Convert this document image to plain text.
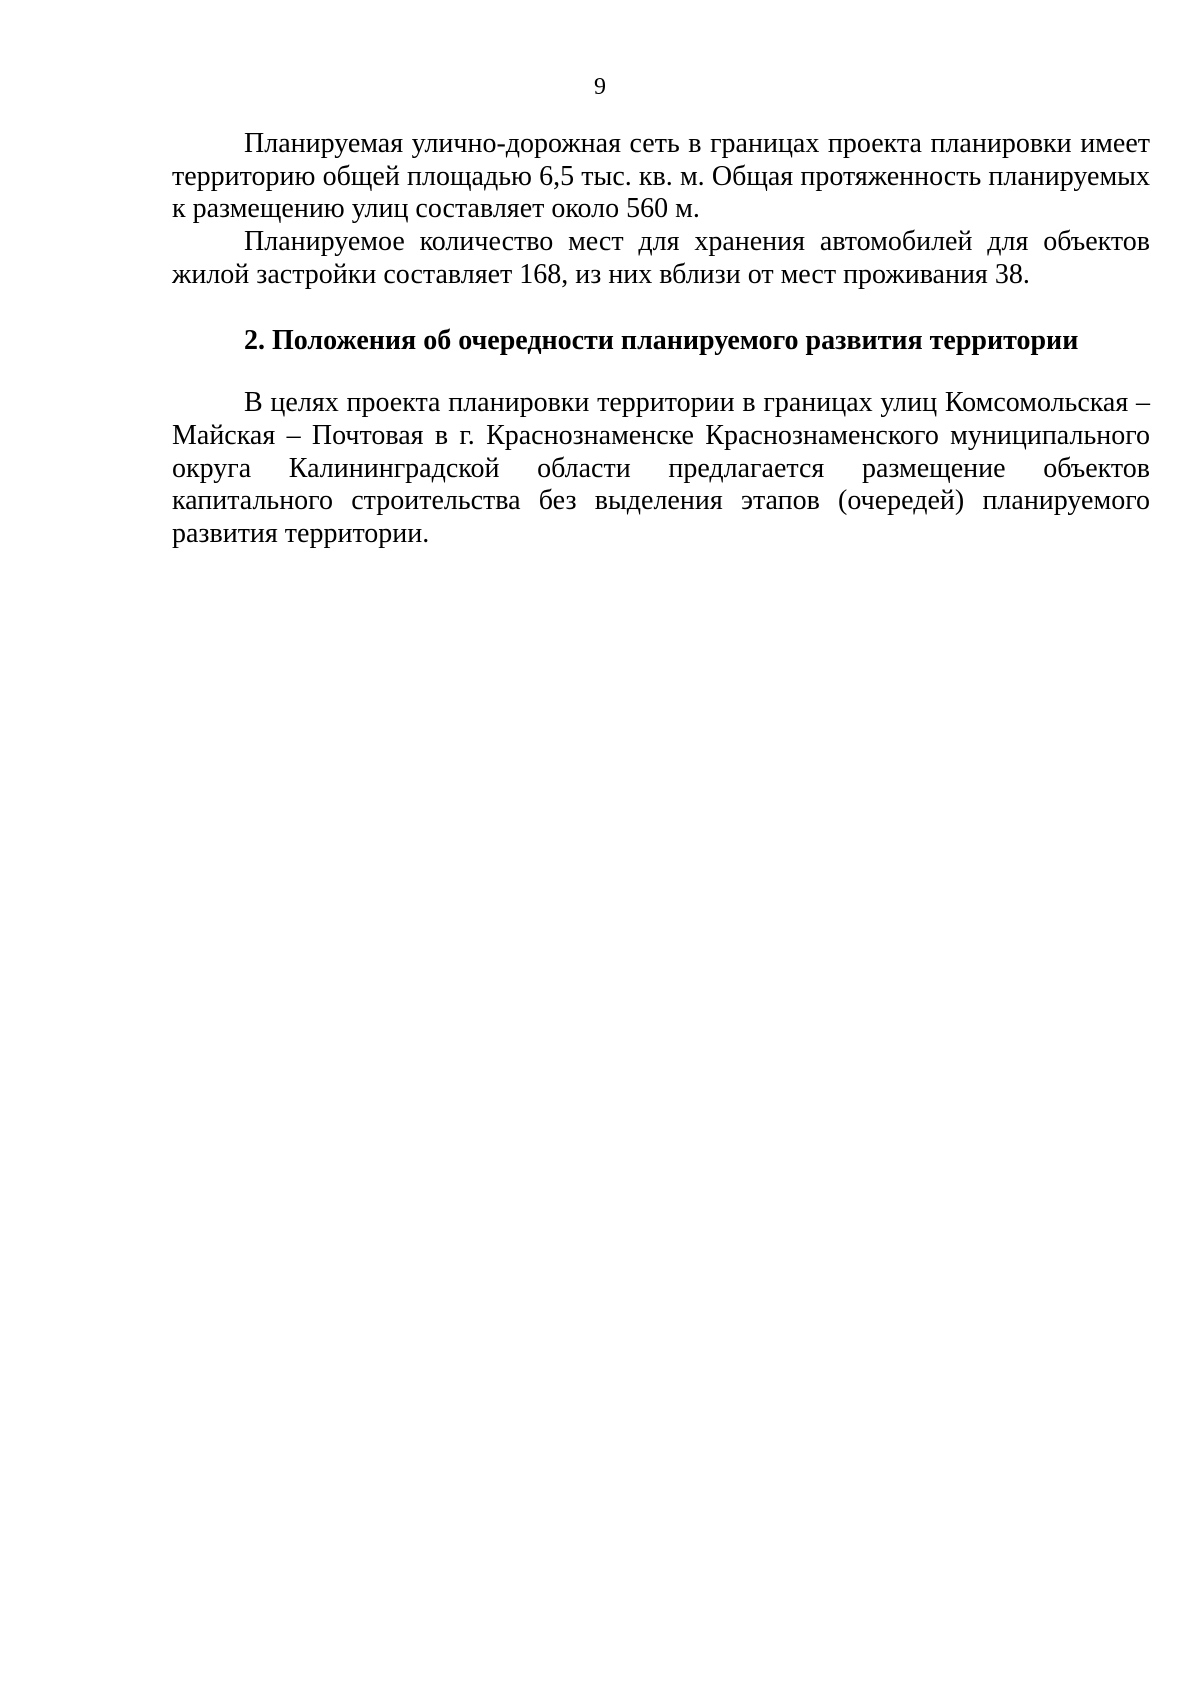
9

Планируемая улично-дорожная сеть в границах проекта планировки имеет территорию общей площадью 6,5 тыс. кв. м. Общая протяженность планируемых к размещению улиц составляет около 560 м.

Планируемое количество мест для хранения автомобилей для объектов жилой застройки составляет 168, из них вблизи от мест проживания 38.

2. Положения об очередности планируемого развития территории

В целях проекта планировки территории в границах улиц Комсомольская – Майская – Почтовая в г. Краснознаменске Краснознаменского муниципального округа Калининградской области предлагается размещение объектов капитального строительства без выделения этапов (очередей) планируемого развития территории.
